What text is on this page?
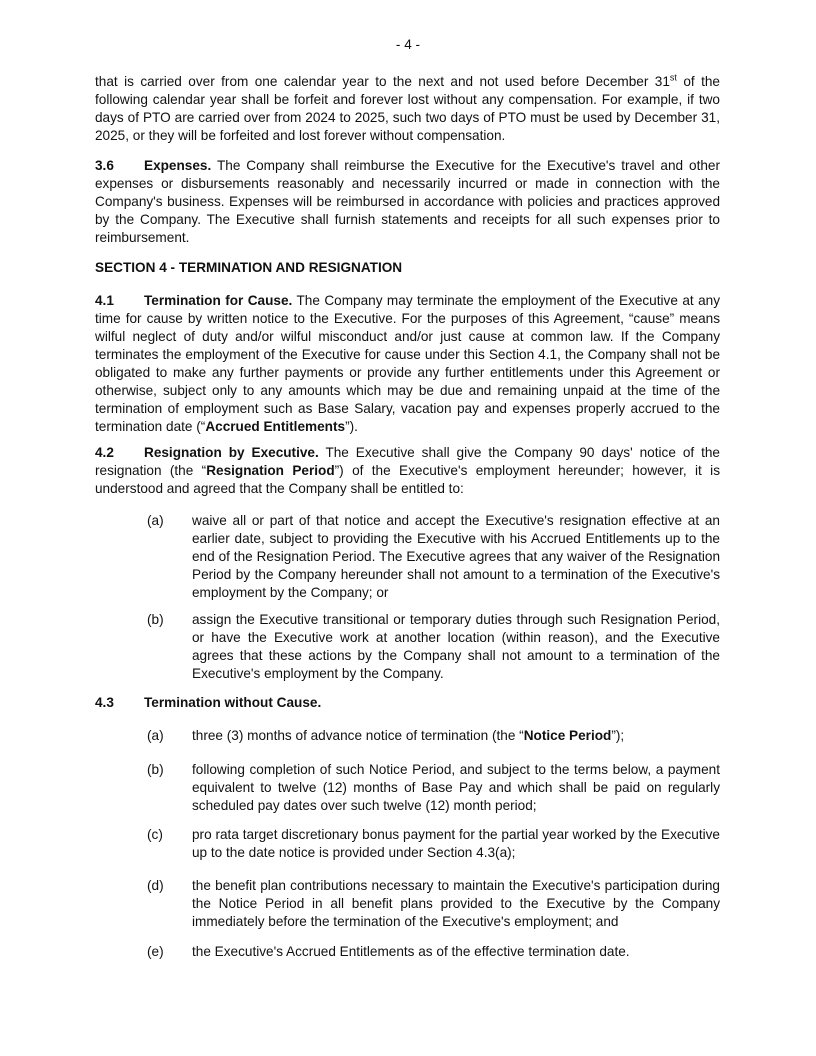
- 4 -

that is carried over from one calendar year to the next and not used before December 31st of the following calendar year shall be forfeit and forever lost without any compensation. For example, if two days of PTO are carried over from 2024 to 2025, such two days of PTO must be used by December 31, 2025, or they will be forfeited and lost forever without compensation.

3.6 Expenses. The Company shall reimburse the Executive for the Executive's travel and other expenses or disbursements reasonably and necessarily incurred or made in connection with the Company's business. Expenses will be reimbursed in accordance with policies and practices approved by the Company. The Executive shall furnish statements and receipts for all such expenses prior to reimbursement.

SECTION 4 - TERMINATION AND RESIGNATION

4.1 Termination for Cause. The Company may terminate the employment of the Executive at any time for cause by written notice to the Executive. For the purposes of this Agreement, “cause” means wilful neglect of duty and/or wilful misconduct and/or just cause at common law. If the Company terminates the employment of the Executive for cause under this Section 4.1, the Company shall not be obligated to make any further payments or provide any further entitlements under this Agreement or otherwise, subject only to any amounts which may be due and remaining unpaid at the time of the termination of employment such as Base Salary, vacation pay and expenses properly accrued to the termination date (“Accrued Entitlements”).

4.2 Resignation by Executive. The Executive shall give the Company 90 days' notice of the resignation (the “Resignation Period”) of the Executive's employment hereunder; however, it is understood and agreed that the Company shall be entitled to:

(a)	waive all or part of that notice and accept the Executive's resignation effective at an earlier date, subject to providing the Executive with his Accrued Entitlements up to the end of the Resignation Period. The Executive agrees that any waiver of the Resignation Period by the Company hereunder shall not amount to a termination of the Executive's employment by the Company; or
(b)	assign the Executive transitional or temporary duties through such Resignation Period, or have the Executive work at another location (within reason), and the Executive agrees that these actions by the Company shall not amount to a termination of the Executive's employment by the Company.

4.3 Termination without Cause.

(a)	three (3) months of advance notice of termination (the “Notice Period”);
(b)	following completion of such Notice Period, and subject to the terms below, a payment equivalent to twelve (12) months of Base Pay and which shall be paid on regularly scheduled pay dates over such twelve (12) month period;
(c)	pro rata target discretionary bonus payment for the partial year worked by the Executive up to the date notice is provided under Section 4.3(a);
(d)	the benefit plan contributions necessary to maintain the Executive's participation during the Notice Period in all benefit plans provided to the Executive by the Company immediately before the termination of the Executive's employment; and
(e)	the Executive's Accrued Entitlements as of the effective termination date.
